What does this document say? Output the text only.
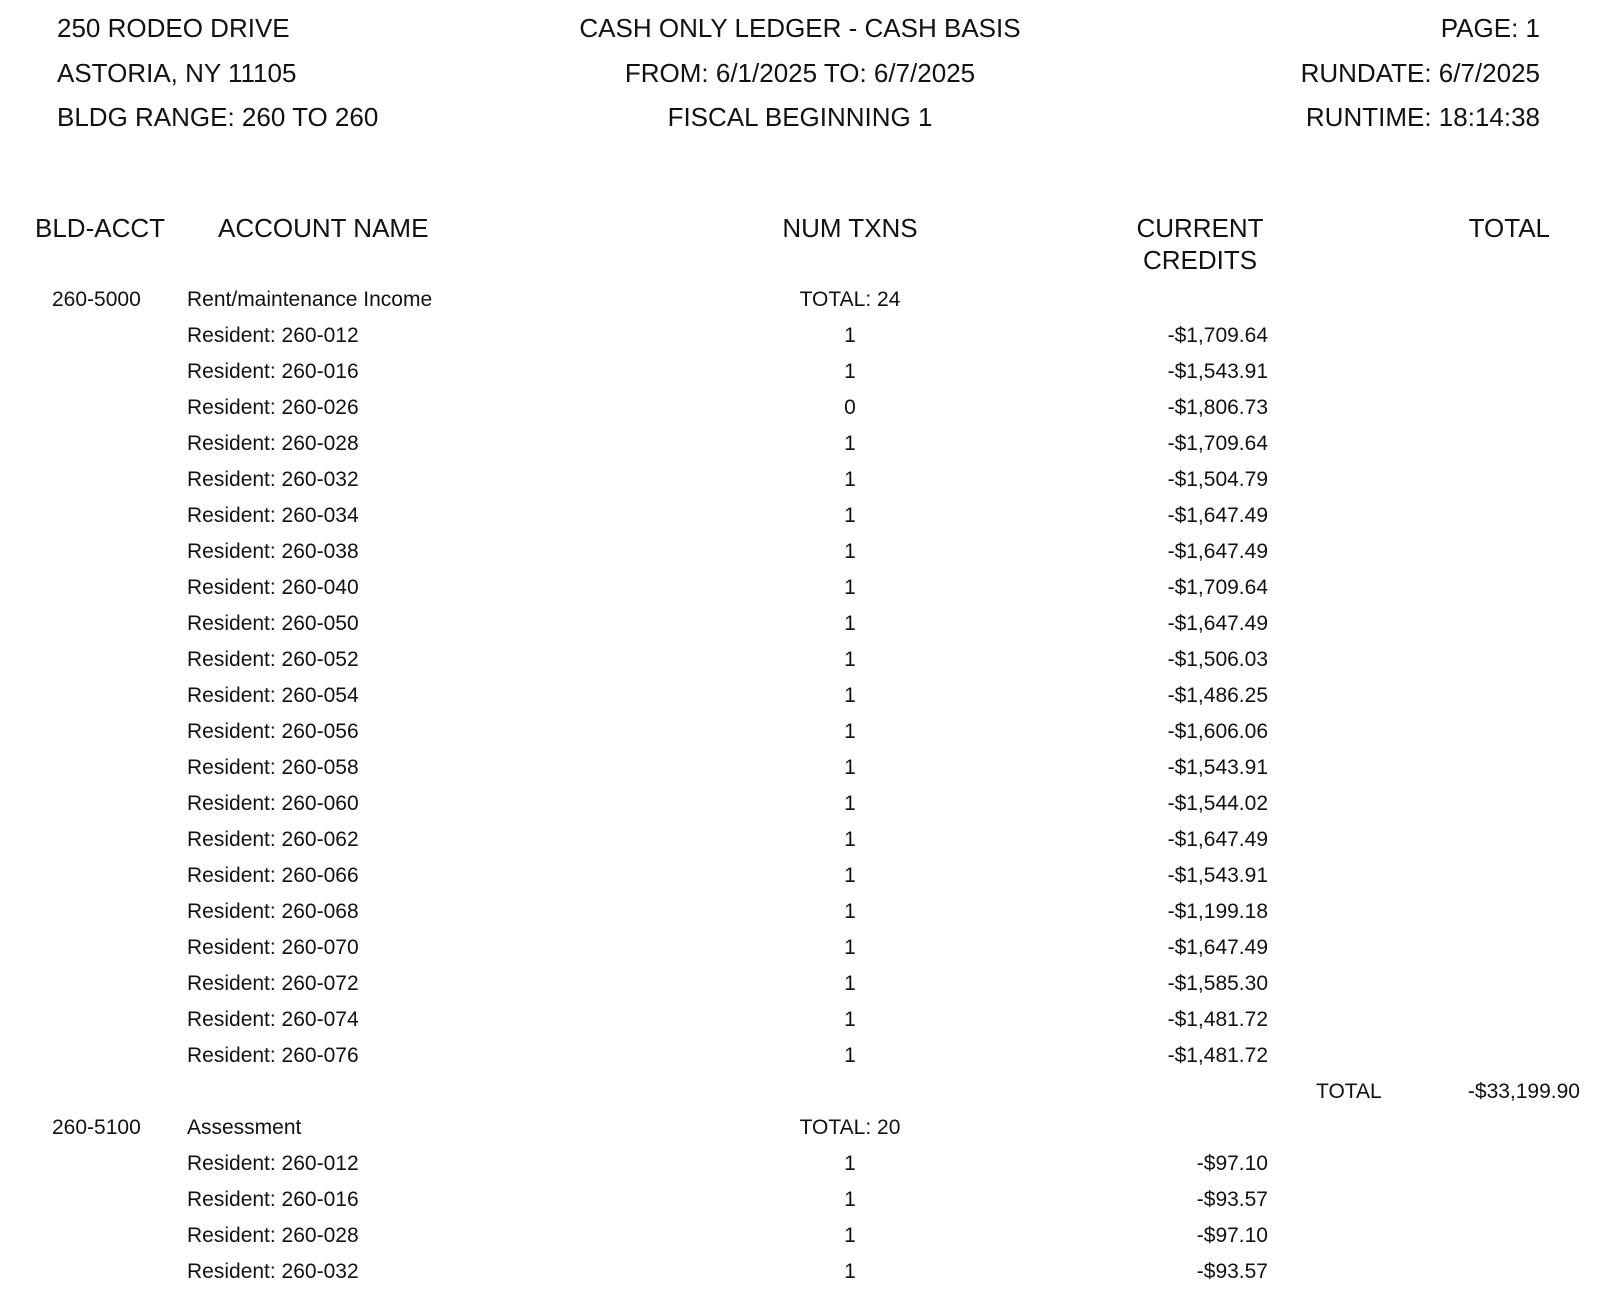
250 RODEO DRIVE
ASTORIA, NY 11105
BLDG RANGE: 260 TO 260
CASH ONLY LEDGER - CASH BASIS
FROM: 6/1/2025 TO: 6/7/2025
FISCAL BEGINNING 1
PAGE: 1
RUNDATE: 6/7/2025
RUNTIME: 18:14:38
BLD-ACCT ACCOUNT NAME	NUM TXNS	CURRENT
CREDITS
TOTAL
260-5000 Rent/maintenance Income	TOTAL: 24
Resident: 260-012	1	-$1,709.64
Resident: 260-016	1	-$1,543.91
Resident: 260-026	0	-$1,806.73
Resident: 260-028	1	-$1,709.64
Resident: 260-032	1	-$1,504.79
Resident: 260-034	1	-$1,647.49
Resident: 260-038	1	-$1,647.49
Resident: 260-040	1	-$1,709.64
Resident: 260-050	1	-$1,647.49
Resident: 260-052	1	-$1,506.03
Resident: 260-054	1	-$1,486.25
Resident: 260-056	1	-$1,606.06
Resident: 260-058	1	-$1,543.91
Resident: 260-060	1	-$1,544.02
Resident: 260-062	1	-$1,647.49
Resident: 260-066	1	-$1,543.91
Resident: 260-068	1	-$1,199.18
Resident: 260-070	1	-$1,647.49
Resident: 260-072	1	-$1,585.30
Resident: 260-074	1	-$1,481.72
Resident: 260-076	1	-$1,481.72
TOTAL	-$33,199.90
260-5100 Assessment	TOTAL: 20
Resident: 260-012	1	-$97.10
Resident: 260-016	1	-$93.57
Resident: 260-028	1	-$97.10
Resident: 260-032	1	-$93.57
